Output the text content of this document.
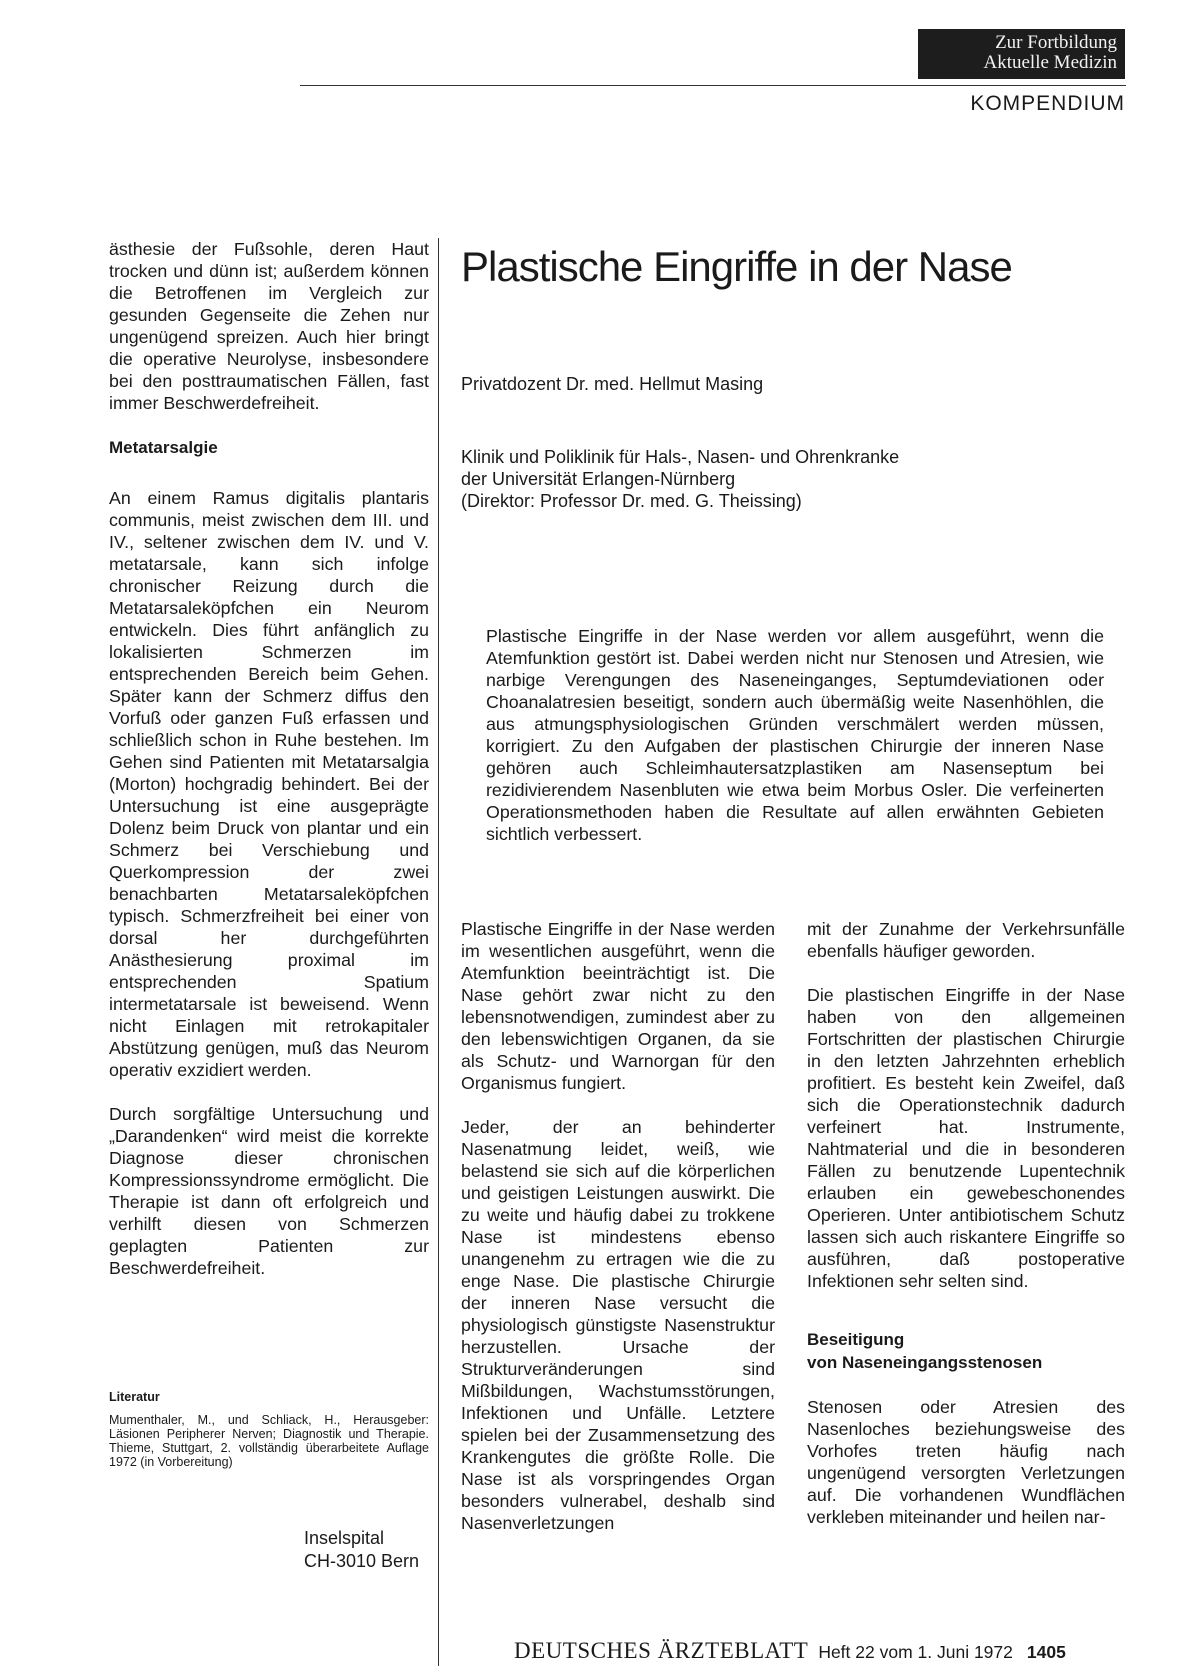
Zur Fortbildung
Aktuelle Medizin
KOMPENDIUM

ästhesie der Fußsohle, deren Haut trocken und dünn ist; außerdem können die Betroffenen im Vergleich zur gesunden Gegenseite die Zehen nur ungenügend spreizen. Auch hier bringt die operative Neurolyse, insbesondere bei den posttraumatischen Fällen, fast immer Beschwerdefreiheit.

Metatarsalgie

An einem Ramus digitalis plantaris communis, meist zwischen dem III. und IV., seltener zwischen dem IV. und V. metatarsale, kann sich infolge chronischer Reizung durch die Metatarsaleköpfchen ein Neurom entwickeln. Dies führt anfänglich zu lokalisierten Schmerzen im entsprechenden Bereich beim Gehen. Später kann der Schmerz diffus den Vorfuß oder ganzen Fuß erfassen und schließlich schon in Ruhe bestehen. Im Gehen sind Patienten mit Metatarsalgia (Morton) hochgradig behindert. Bei der Untersuchung ist eine ausgeprägte Dolenz beim Druck von plantar und ein Schmerz bei Verschiebung und Querkompression der zwei benachbarten Metatarsaleköpfchen typisch. Schmerzfreiheit bei einer von dorsal her durchgeführten Anästhesierung proximal im entsprechenden Spatium intermetatarsale ist beweisend. Wenn nicht Einlagen mit retrokapitaler Abstützung genügen, muß das Neurom operativ exzidiert werden.

Durch sorgfältige Untersuchung und „Darandenken“ wird meist die korrekte Diagnose dieser chronischen Kompressionssyndrome ermöglicht. Die Therapie ist dann oft erfolgreich und verhilft diesen von Schmerzen geplagten Patienten zur Beschwerdefreiheit.

Literatur
Mumenthaler, M., und Schliack, H., Herausgeber: Läsionen Peripherer Nerven; Diagnostik und Therapie. Thieme, Stuttgart, 2. vollständig überarbeitete Auflage 1972 (in Vorbereitung)
Inselspital
CH-3010 Bern
Plastische Eingriffe in der Nase
Privatdozent Dr. med. Hellmut Masing
Klinik und Poliklinik für Hals-, Nasen- und Ohrenkranke
der Universität Erlangen-Nürnberg
(Direktor: Professor Dr. med. G. Theissing)
Plastische Eingriffe in der Nase werden vor allem ausgeführt, wenn die Atemfunktion gestört ist. Dabei werden nicht nur Stenosen und Atresien, wie narbige Verengungen des Naseneinganges, Septumdeviationen oder Choanalatresien beseitigt, sondern auch übermäßig weite Nasenhöhlen, die aus atmungsphysiologischen Gründen verschmälert werden müssen, korrigiert. Zu den Aufgaben der plastischen Chirurgie der inneren Nase gehören auch Schleimhautersatzplastiken am Nasenseptum bei rezidivierendem Nasenbluten wie etwa beim Morbus Osler. Die verfeinerten Operationsmethoden haben die Resultate auf allen erwähnten Gebieten sichtlich verbessert.

Plastische Eingriffe in der Nase werden im wesentlichen ausgeführt, wenn die Atemfunktion beeinträchtigt ist. Die Nase gehört zwar nicht zu den lebensnotwendigen, zumindest aber zu den lebenswichtigen Organen, da sie als Schutz- und Warnorgan für den Organismus fungiert.

Jeder, der an behinderter Nasenatmung leidet, weiß, wie belastend sie sich auf die körperlichen und geistigen Leistungen auswirkt. Die zu weite und häufig dabei zu trokkene Nase ist mindestens ebenso unangenehm zu ertragen wie die zu enge Nase. Die plastische Chirurgie der inneren Nase versucht die physiologisch günstigste Nasenstruktur herzustellen. Ursache der Strukturveränderungen sind Mißbildungen, Wachstumsstörungen, Infektionen und Unfälle. Letztere spielen bei der Zusammensetzung des Krankengutes die größte Rolle. Die Nase ist als vorspringendes Organ besonders vulnerabel, deshalb sind Nasenverletzungen

mit der Zunahme der Verkehrsunfälle ebenfalls häufiger geworden.

Die plastischen Eingriffe in der Nase haben von den allgemeinen Fortschritten der plastischen Chirurgie in den letzten Jahrzehnten erheblich profitiert. Es besteht kein Zweifel, daß sich die Operationstechnik dadurch verfeinert hat. Instrumente, Nahtmaterial und die in besonderen Fällen zu benutzende Lupentechnik erlauben ein gewebeschonendes Operieren. Unter antibiotischem Schutz lassen sich auch riskantere Eingriffe so ausführen, daß postoperative Infektionen sehr selten sind.

Beseitigung
von Naseneingangsstenosen

Stenosen oder Atresien des Nasenloches beziehungsweise des Vorhofes treten häufig nach ungenügend versorgten Verletzungen auf. Die vorhandenen Wundflächen verkleben miteinander und heilen nar-

DEUTSCHES ÄRZTEBLATT Heft 22 vom 1. Juni 1972 1405
